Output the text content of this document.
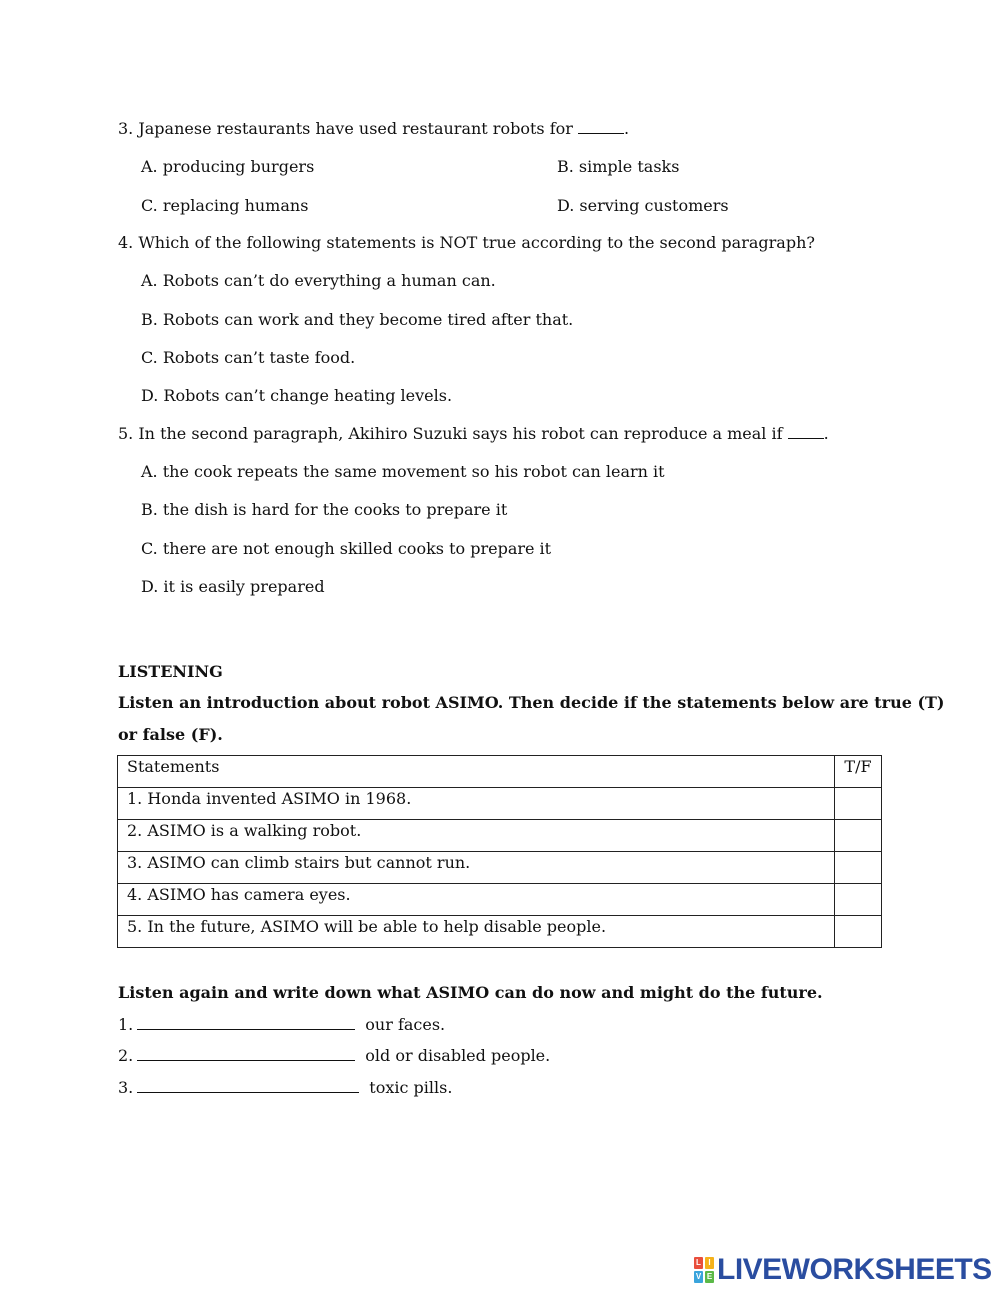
3. Japanese restaurants have used restaurant robots for	.
A. producing burgers	B. simple tasks
C. replacing humans	D. serving customers
4. Which of the following statements is NOT true according to the second paragraph?
A. Robots can’t do everything a human can.
B. Robots can work and they become tired after that.
C. Robots can’t taste food.
D. Robots can’t change heating levels.
5. In the second paragraph, Akihiro Suzuki says his robot can reproduce a meal if .
A. the cook repeats the same movement so his robot can learn it
B. the dish is hard for the cooks to prepare it
C. there are not enough skilled cooks to prepare it
D. it is easily prepared
LISTENING
Listen an introduction about robot ASIMO. Then decide if the statements below are true (T)
or false (F).
Statements	T/F
1. Honda invented ASIMO in 1968.	
2. ASIMO is a walking robot.	
3. ASIMO can climb stairs but cannot run.	
4. ASIMO has camera eyes.	
5. In the future, ASIMO will be able to help disable people.	
Listen again and write down what ASIMO can do now and might do the future.
1.	our faces.
2.	old or disabled people.
3.	toxic pills.
L I
V E LIVEWORKSHEETS
